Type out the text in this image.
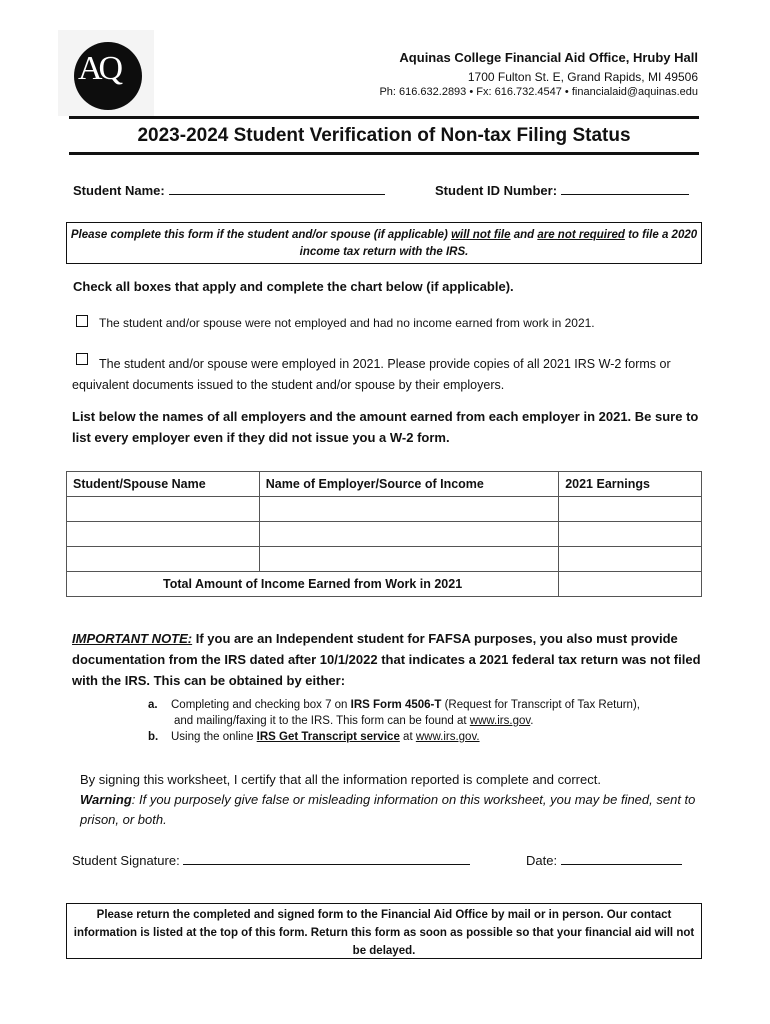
AQ	Aquinas College Financial Aid Office, Hruby Hall
1700 Fulton St. E, Grand Rapids, MI 49506
Ph: 616.632.2893 • Fx: 616.732.4547 • financialaid@aquinas.edu
2023-2024 Student Verification of Non-tax Filing Status
Student Name:	Student ID Number:
Please complete this form if the student and/or spouse (if applicable) will not file and are not required to file a 2020 income tax return with the IRS.
Check all boxes that apply and complete the chart below (if applicable).
The student and/or spouse were not employed and had no income earned from work in 2021.
The student and/or spouse were employed in 2021. Please provide copies of all 2021 IRS W-2 forms or equivalent documents issued to the student and/or spouse by their employers.
List below the names of all employers and the amount earned from each employer in 2021. Be sure to list every employer even if they did not issue you a W-2 form.
Student/Spouse Name	Name of Employer/Source of Income	2021 Earnings

Total Amount of Income Earned from Work in 2021		
IMPORTANT NOTE: If you are an Independent student for FAFSA purposes, you also must provide documentation from the IRS dated after 10/1/2022 that indicates a 2021 federal tax return was not filed with the IRS. This can be obtained by either:
a. Completing and checking box 7 on IRS Form 4506-T (Request for Transcript of Tax Return),
and mailing/faxing it to the IRS. This form can be found at www.irs.gov.
b. Using the online IRS Get Transcript service at www.irs.gov.
By signing this worksheet, I certify that all the information reported is complete and correct.
Warning: If you purposely give false or misleading information on this worksheet, you may be fined, sent to prison, or both.
Student Signature:	Date:
Please return the completed and signed form to the Financial Aid Office by mail or in person. Our contact information is listed at the top of this form. Return this form as soon as possible so that your financial aid will not be delayed.
